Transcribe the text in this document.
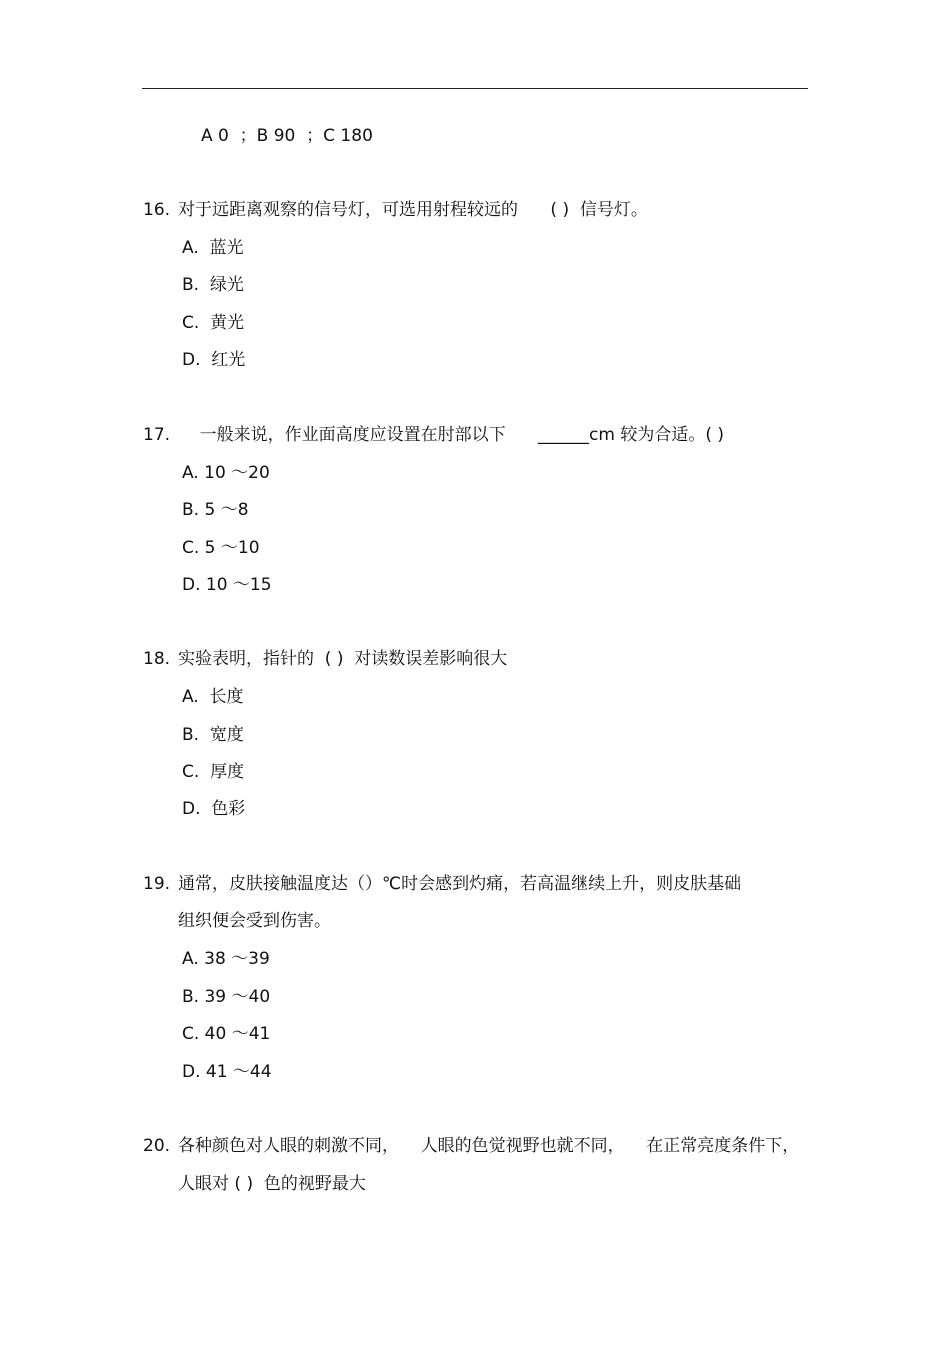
A 0  ；B 90  ；C 180
16. 对于远距离观察的信号灯，可选用射程较远的      ( )  信号灯。
A.  蓝光
B.  绿光
C.  黄光
D.  红光
17. 一般来说，作业面高度应设置在肘部以下      ______cm 较为合适。( )
A. 10 ～20
B. 5 ～8
C. 5 ～10
D. 10 ～15
18. 实验表明，指针的  ( )  对读数误差影响很大
A.  长度
B.  宽度
C.  厚度
D.  色彩
19. 通常，皮肤接触温度达（）℃时会感到灼痛，若高温继续上升，则皮肤基础
组织便会受到伤害。
A. 38 ～39
B. 39 ～40
C. 40 ～41
D. 41 ～44
20. 各种颜色对人眼的刺激不同，    人眼的色觉视野也就不同，    在正常亮度条件下，
人眼对 ( )  色的视野最大
